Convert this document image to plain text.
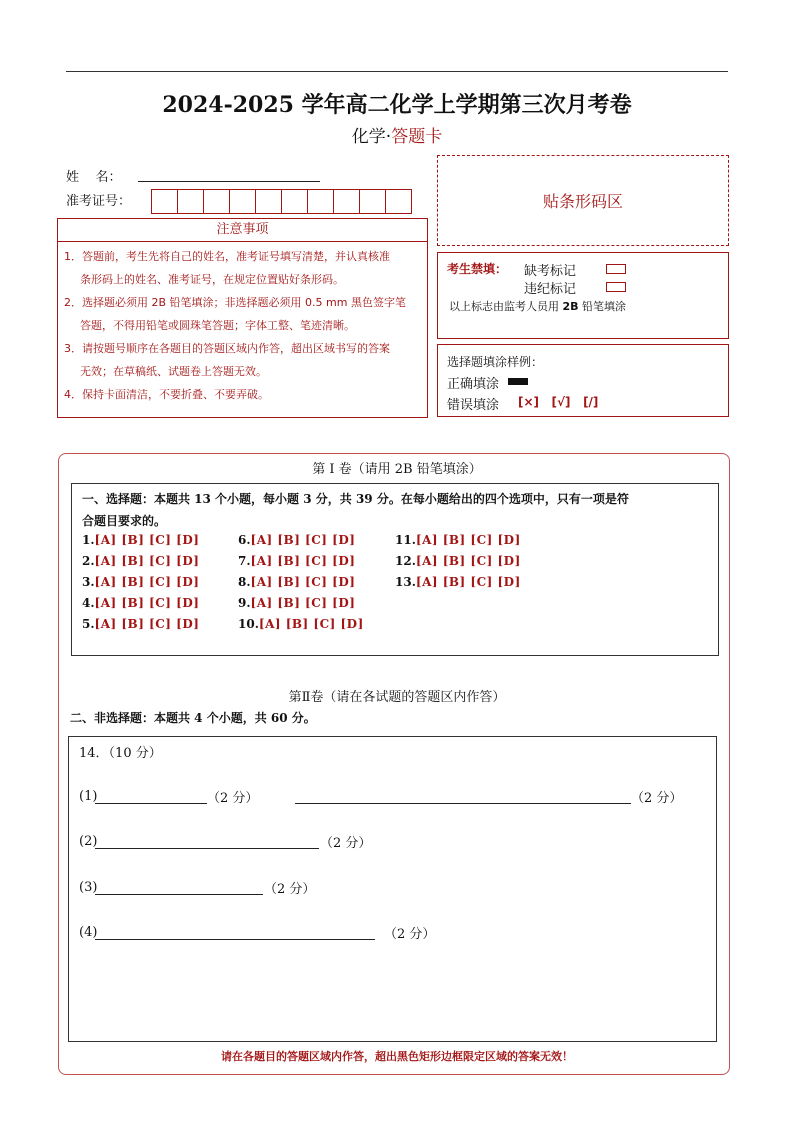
2024-2025 学年高二化学上学期第三次月考卷
化学·答题卡
姓    名：
准考证号：	贴条形码区
注意事项
1．答题前，考生先将自己的姓名，准考证号填写清楚，并认真核准
条形码上的姓名、准考证号，在规定位置贴好条形码。
2．选择题必须用 2B 铅笔填涂；非选择题必须用 0.5 mm 黑色签字笔
答题，不得用铅笔或圆珠笔答题；字体工整、笔迹清晰。
3．请按题号顺序在各题目的答题区域内作答，超出区域书写的答案
无效；在草稿纸、试题卷上答题无效。
4．保持卡面清洁，不要折叠、不要弄破。
考生禁填： 缺考标记
违纪标记
以上标志由监考人员用 2B 铅笔填涂
选择题填涂样例：
正确填涂
错误填涂 [×]   [√]   [/]
第 I 卷（请用 2B 铅笔填涂）
一、选择题：本题共 13 个小题，每小题 3 分，共 39 分。在每小题给出的四个选项中，只有一项是符
合题目要求的。
1.[A] [B] [C] [D]
2.[A] [B] [C] [D]
3.[A] [B] [C] [D]
4.[A] [B] [C] [D]
5.[A] [B] [C] [D]
6.[A] [B] [C] [D]
7.[A] [B] [C] [D]
8.[A] [B] [C] [D]
9.[A] [B] [C] [D]
10.[A] [B] [C] [D]
11.[A] [B] [C] [D]
12.[A] [B] [C] [D]
13.[A] [B] [C] [D]
第Ⅱ卷（请在各试题的答题区内作答）
二、非选择题：本题共 4 个小题，共 60 分。
14．（10 分）
(1)	（2 分）	（2 分）
(2)	（2 分）
(3)	（2 分）
(4)	（2 分）
请在各题目的答题区域内作答，超出黑色矩形边框限定区域的答案无效！
